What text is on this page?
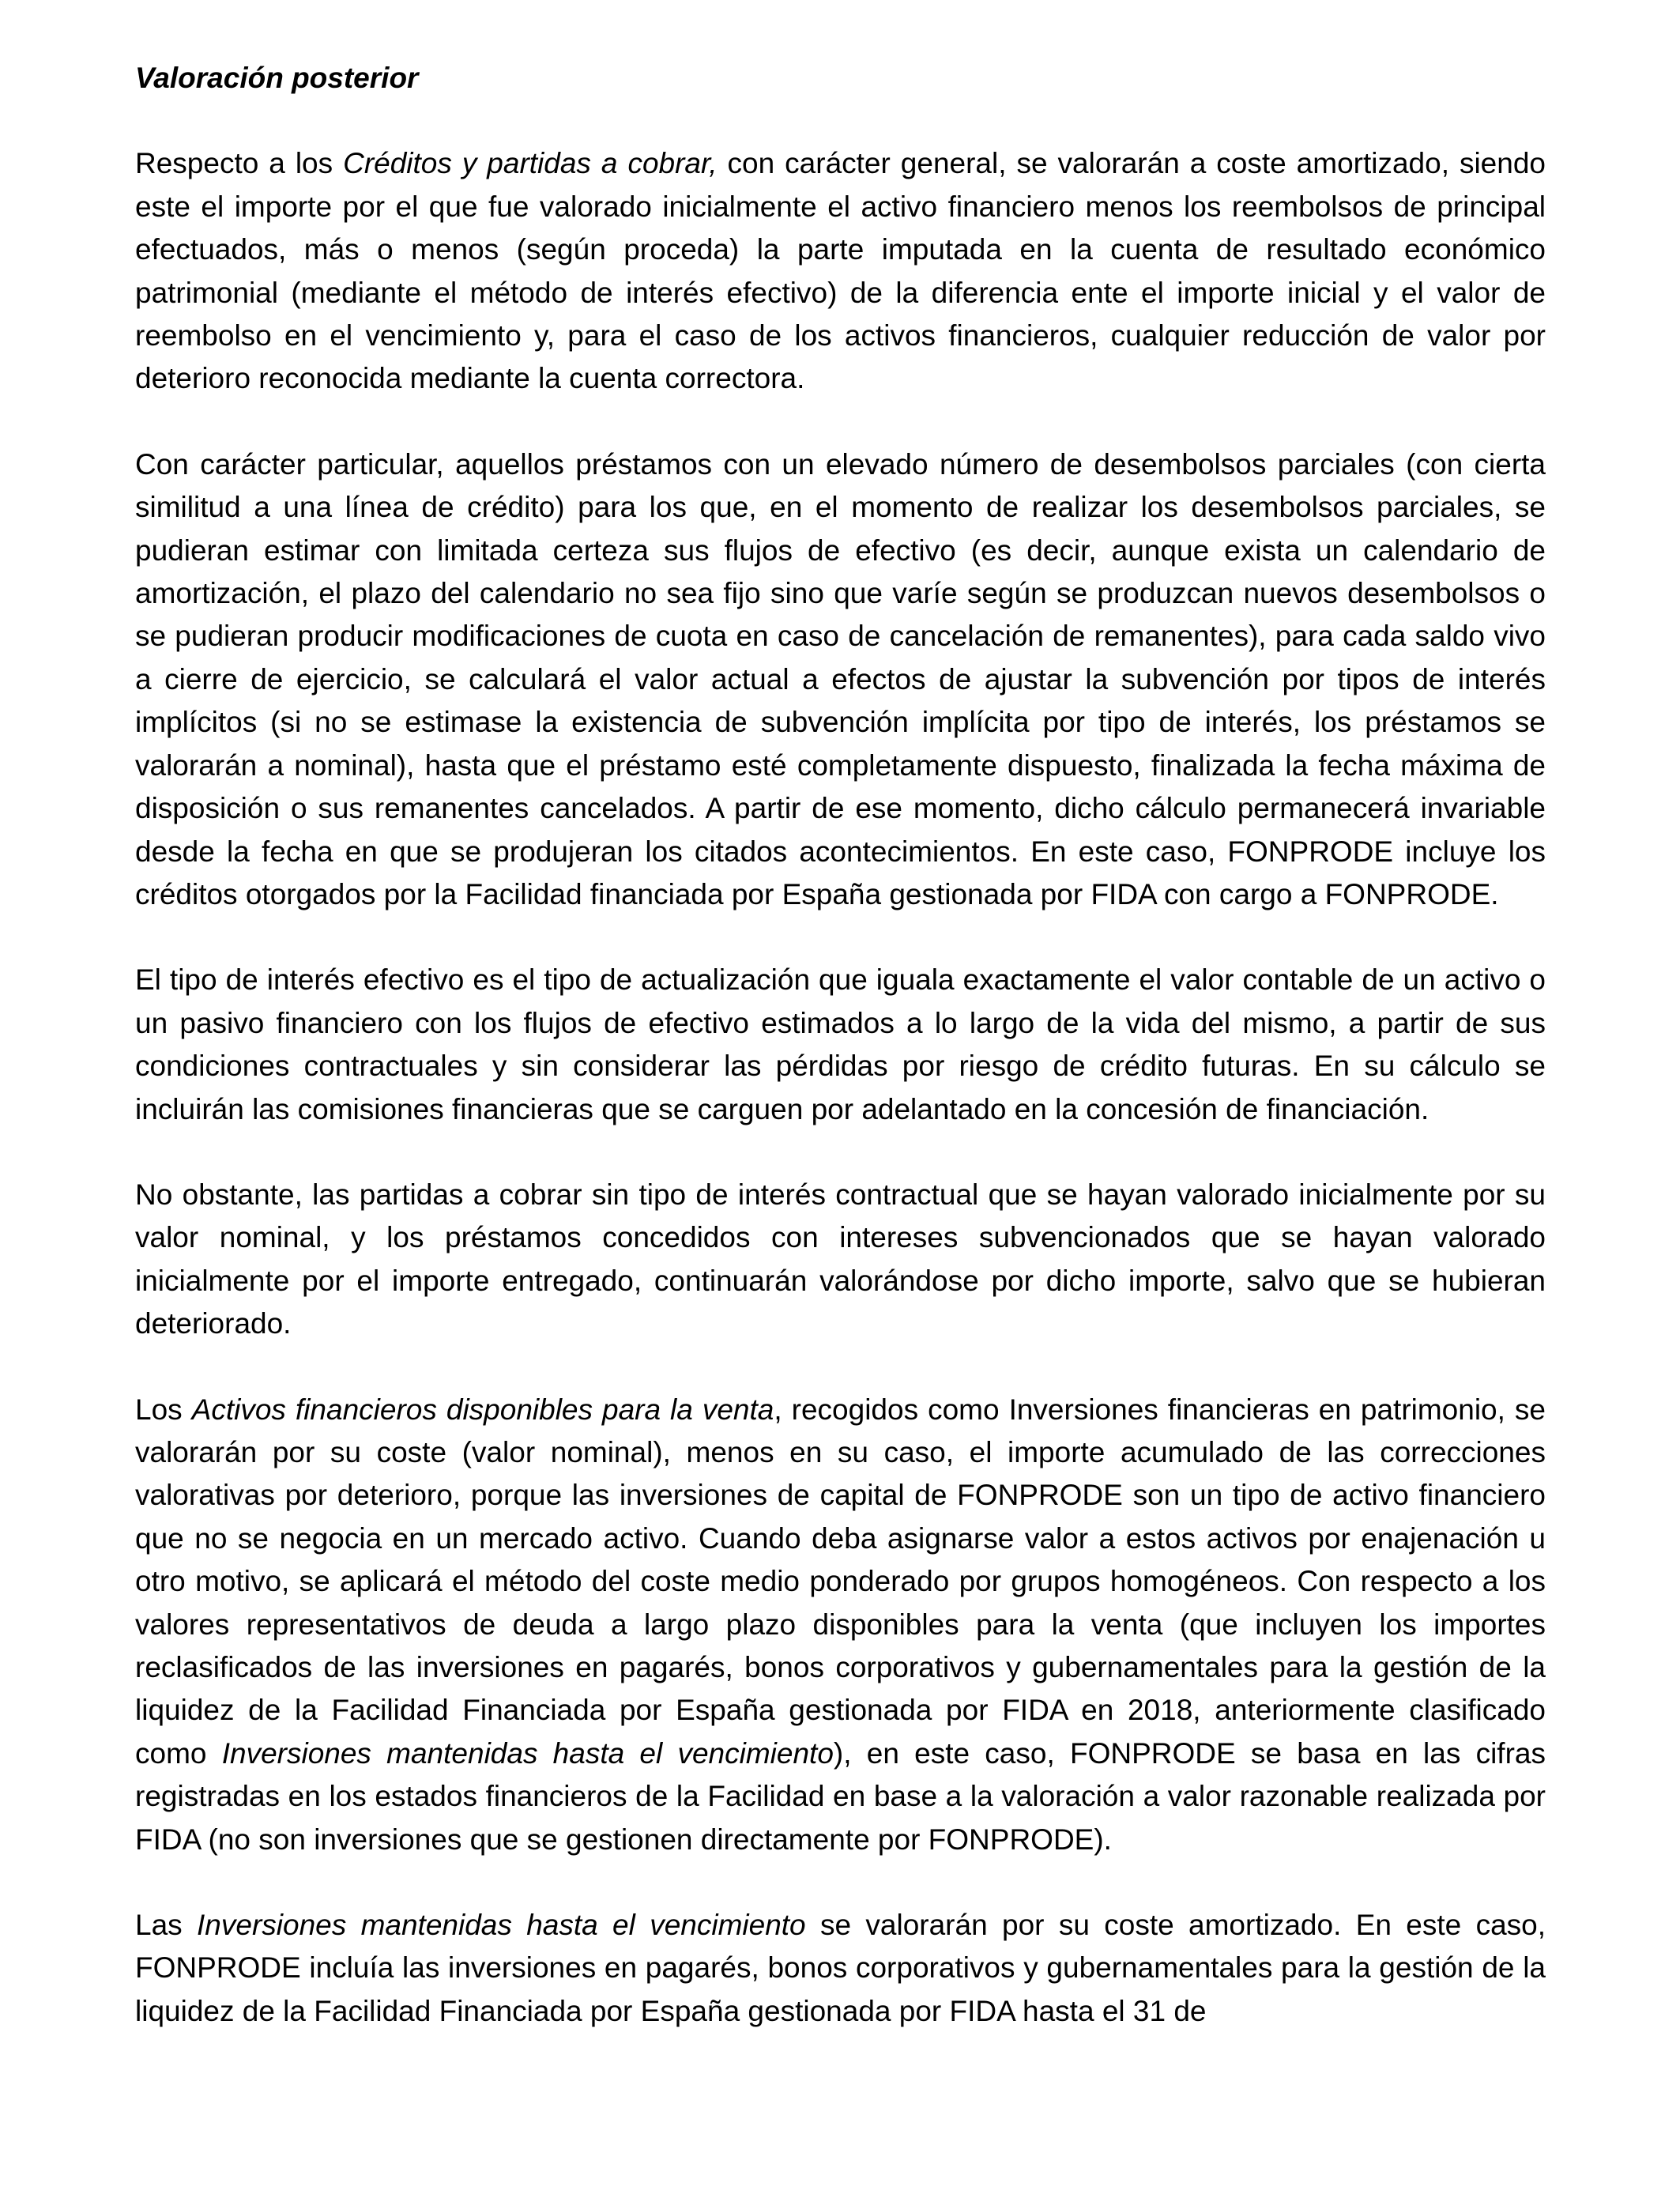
Valoración posterior

Respecto a los Créditos y partidas a cobrar, con carácter general, se valorarán a coste amortizado, siendo este el importe por el que fue valorado inicialmente el activo financiero menos los reembolsos de principal efectuados, más o menos (según proceda) la parte imputada en la cuenta de resultado económico patrimonial (mediante el método de interés efectivo) de la diferencia ente el importe inicial y el valor de reembolso en el vencimiento y, para el caso de los activos financieros, cualquier reducción de valor por deterioro reconocida mediante la cuenta correctora.

Con carácter particular, aquellos préstamos con un elevado número de desembolsos parciales (con cierta similitud a una línea de crédito) para los que, en el momento de realizar los desembolsos parciales, se pudieran estimar con limitada certeza sus flujos de efectivo (es decir, aunque exista un calendario de amortización, el plazo del calendario no sea fijo sino que varíe según se produzcan nuevos desembolsos o se pudieran producir modificaciones de cuota en caso de cancelación de remanentes), para cada saldo vivo a cierre de ejercicio, se calculará el valor actual a efectos de ajustar la subvención por tipos de interés implícitos (si no se estimase la existencia de subvención implícita por tipo de interés, los préstamos se valorarán a nominal), hasta que el préstamo esté completamente dispuesto, finalizada la fecha máxima de disposición o sus remanentes cancelados. A partir de ese momento, dicho cálculo permanecerá invariable desde la fecha en que se produjeran los citados acontecimientos. En este caso, FONPRODE incluye los créditos otorgados por la Facilidad financiada por España gestionada por FIDA con cargo a FONPRODE.

El tipo de interés efectivo es el tipo de actualización que iguala exactamente el valor contable de un activo o un pasivo financiero con los flujos de efectivo estimados a lo largo de la vida del mismo, a partir de sus condiciones contractuales y sin considerar las pérdidas por riesgo de crédito futuras. En su cálculo se incluirán las comisiones financieras que se carguen por adelantado en la concesión de financiación.

No obstante, las partidas a cobrar sin tipo de interés contractual que se hayan valorado inicialmente por su valor nominal, y los préstamos concedidos con intereses subvencionados que se hayan valorado inicialmente por el importe entregado, continuarán valorándose por dicho importe, salvo que se hubieran deteriorado.

Los Activos financieros disponibles para la venta, recogidos como Inversiones financieras en patrimonio, se valorarán por su coste (valor nominal), menos en su caso, el importe acumulado de las correcciones valorativas por deterioro, porque las inversiones de capital de FONPRODE son un tipo de activo financiero que no se negocia en un mercado activo. Cuando deba asignarse valor a estos activos por enajenación u otro motivo, se aplicará el método del coste medio ponderado por grupos homogéneos. Con respecto a los valores representativos de deuda a largo plazo disponibles para la venta (que incluyen los importes reclasificados de las inversiones en pagarés, bonos corporativos y gubernamentales para la gestión de la liquidez de la Facilidad Financiada por España gestionada por FIDA en 2018, anteriormente clasificado como Inversiones mantenidas hasta el vencimiento), en este caso, FONPRODE se basa en las cifras registradas en los estados financieros de la Facilidad en base a la valoración a valor razonable realizada por FIDA (no son inversiones que se gestionen directamente por FONPRODE).

Las Inversiones mantenidas hasta el vencimiento se valorarán por su coste amortizado. En este caso, FONPRODE incluía las inversiones en pagarés, bonos corporativos y gubernamentales para la gestión de la liquidez de la Facilidad Financiada por España gestionada por FIDA hasta el 31 de
